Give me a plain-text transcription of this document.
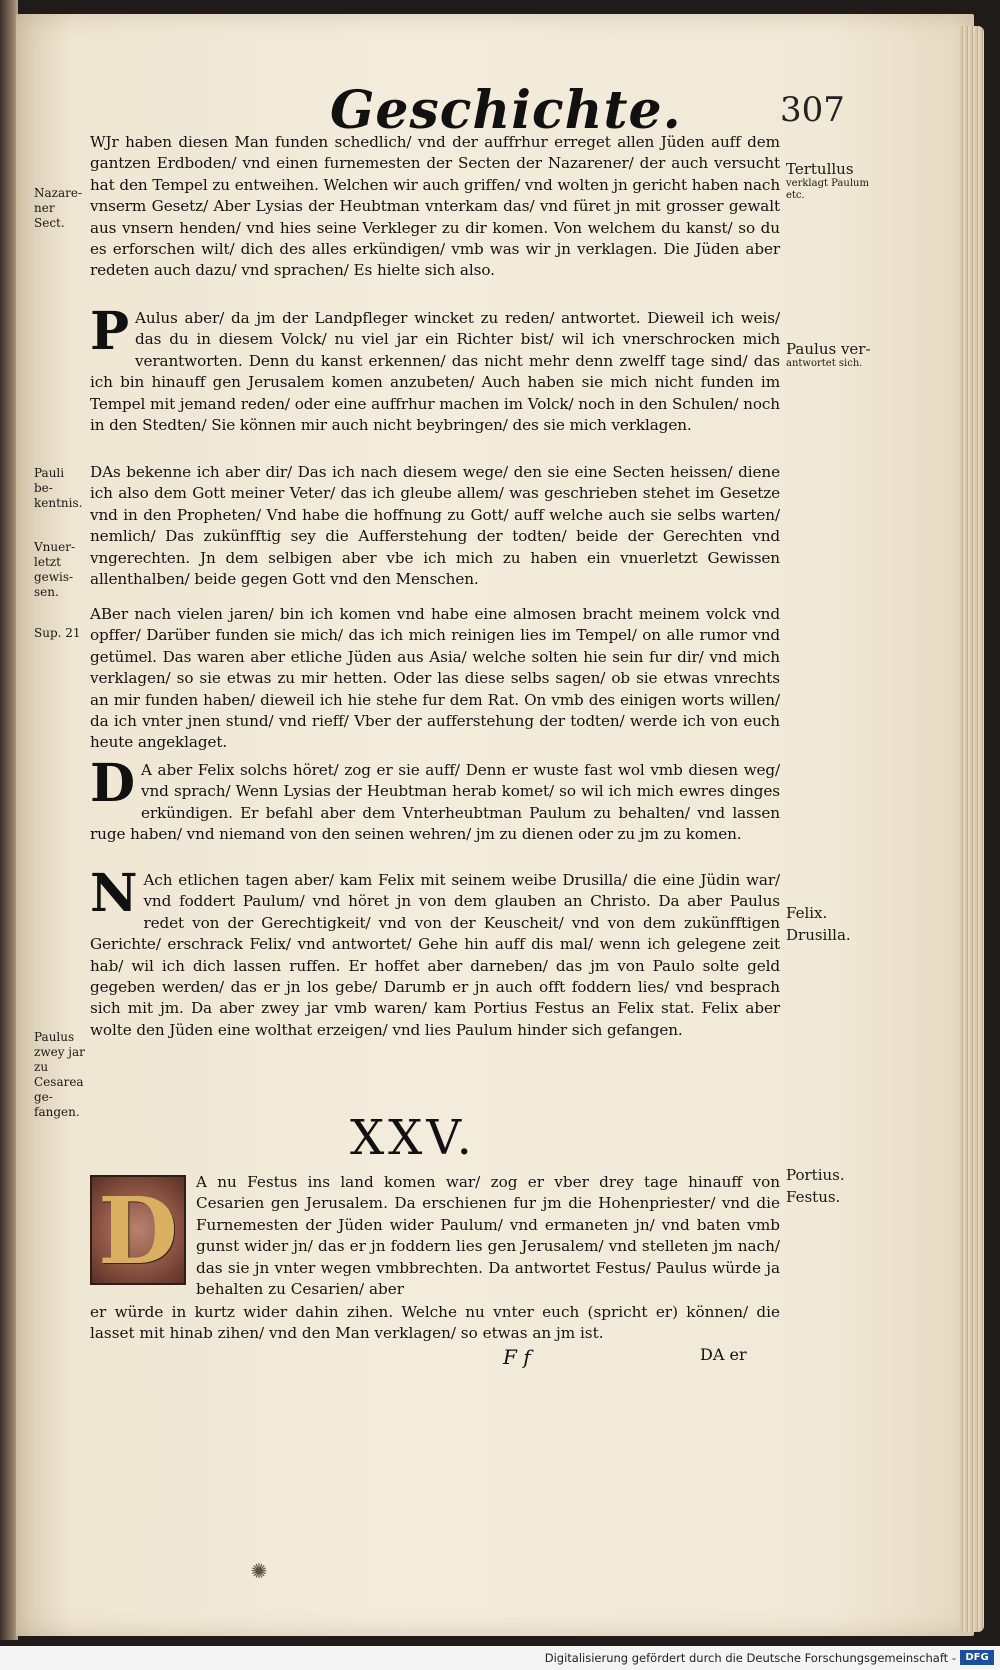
Geschichte.	307

WJr haben diesen Man funden schedlich/ vnd der auffrhur erreget allen Jüden auff dem gantzen Erdboden/ vnd einen furnemesten der Secten der Nazarener/ der auch versucht hat den Tempel zu entweihen. Welchen wir auch griffen/ vnd wolten jn gericht haben nach vnserm Gesetz/ Aber Lysias der Heubtman vnterkam das/ vnd füret jn mit grosser gewalt aus vnsern henden/ vnd hies seine Verkleger zu dir komen. Von welchem du kanst/ so du es erforschen wilt/ dich des alles erkündigen/ vmb was wir jn verklagen. Die Jüden aber redeten auch dazu/ vnd sprachen/ Es hielte sich also.

P Aulus aber/ da jm der Landpfleger wincket zu reden/ antwortet. Dieweil ich weis/ das du in diesem Volck/ nu viel jar ein Richter bist/ wil ich vnerschrocken mich verantworten. Denn du kanst erkennen/ das nicht mehr denn zwelff tage sind/ das ich bin hinauff gen Jerusalem komen anzubeten/ Auch haben sie mich nicht funden im Tempel mit jemand reden/ oder eine auffrhur machen im Volck/ noch in den Schulen/ noch in den Stedten/ Sie können mir auch nicht beybringen/ des sie mich verklagen.

DAs bekenne ich aber dir/ Das ich nach diesem wege/ den sie eine Secten heissen/ diene ich also dem Gott meiner Veter/ das ich gleube allem/ was geschrieben stehet im Gesetze vnd in den Propheten/ Vnd habe die hoffnung zu Gott/ auff welche auch sie selbs warten/ nemlich/ Das zukünfftig sey die Aufferstehung der todten/ beide der Gerechten vnd vngerechten. Jn dem selbigen aber vbe ich mich zu haben ein vnuerletzt Gewissen allenthalben/ beide gegen Gott vnd den Menschen.

ABer nach vielen jaren/ bin ich komen vnd habe eine almosen bracht meinem volck vnd opffer/ Darüber funden sie mich/ das ich mich reinigen lies im Tempel/ on alle rumor vnd getümel. Das waren aber etliche Jüden aus Asia/ welche solten hie sein fur dir/ vnd mich verklagen/ so sie etwas zu mir hetten. Oder las diese selbs sagen/ ob sie etwas vnrechts an mir funden haben/ dieweil ich hie stehe fur dem Rat. On vmb des einigen worts willen/ da ich vnter jnen stund/ vnd rieff/ Vber der aufferstehung der todten/ werde ich von euch heute angeklaget.

D A aber Felix solchs höret/ zog er sie auff/ Denn er wuste fast wol vmb diesen weg/ vnd sprach/ Wenn Lysias der Heubtman herab komet/ so wil ich mich ewres dinges erkündigen. Er befahl aber dem Vnterheubtman Paulum zu behalten/ vnd lassen ruge haben/ vnd niemand von den seinen wehren/ jm zu dienen oder zu jm zu komen.

N Ach etlichen tagen aber/ kam Felix mit seinem weibe Drusilla/ die eine Jüdin war/ vnd foddert Paulum/ vnd höret jn von dem glauben an Christo. Da aber Paulus redet von der Gerechtigkeit/ vnd von der Keuscheit/ vnd von dem zukünfftigen Gerichte/ erschrack Felix/ vnd antwortet/ Gehe hin auff dis mal/ wenn ich gelegene zeit hab/ wil ich dich lassen ruffen. Er hoffet aber darneben/ das jm von Paulo solte geld gegeben werden/ das er jn los gebe/ Darumb er jn auch offt foddern lies/ vnd besprach sich mit jm. Da aber zwey jar vmb waren/ kam Portius Festus an Felix stat. Felix aber wolte den Jüden eine wolthat erzeigen/ vnd lies Paulum hinder sich gefangen.

Nazare- ner Sect.
Pauli be- kentnis.
Vnuer- letzt gewis- sen.
Sup. 21
Paulus zwey jar zu Cesarea ge- fangen.
Tertullus
verklagt Paulum etc.
Paulus ver-
antwortet sich.
Felix.
Drusilla.
Portius.
Festus.
XXV.
D	A nu Festus ins land komen war/ zog er vber drey tage hinauff von Cesarien gen Jerusalem. Da erschienen fur jm die Hohenpriester/ vnd die Furnemesten der Jüden wider Paulum/ vnd ermaneten jn/ vnd baten vmb gunst wider jn/ das er jn foddern lies gen Jerusalem/ vnd stelleten jm nach/ das sie jn vnter wegen vmbbrechten. Da antwortet Festus/ Paulus würde ja behalten zu Cesarien/ aber
er würde in kurtz wider dahin zihen. Welche nu vnter euch (spricht er) können/ die lasset mit hinab zihen/ vnd den Man verklagen/ so etwas an jm ist.
F f	DA er
✺
Digitalisierung gefördert durch die Deutsche Forschungsgemeinschaft - DFG
